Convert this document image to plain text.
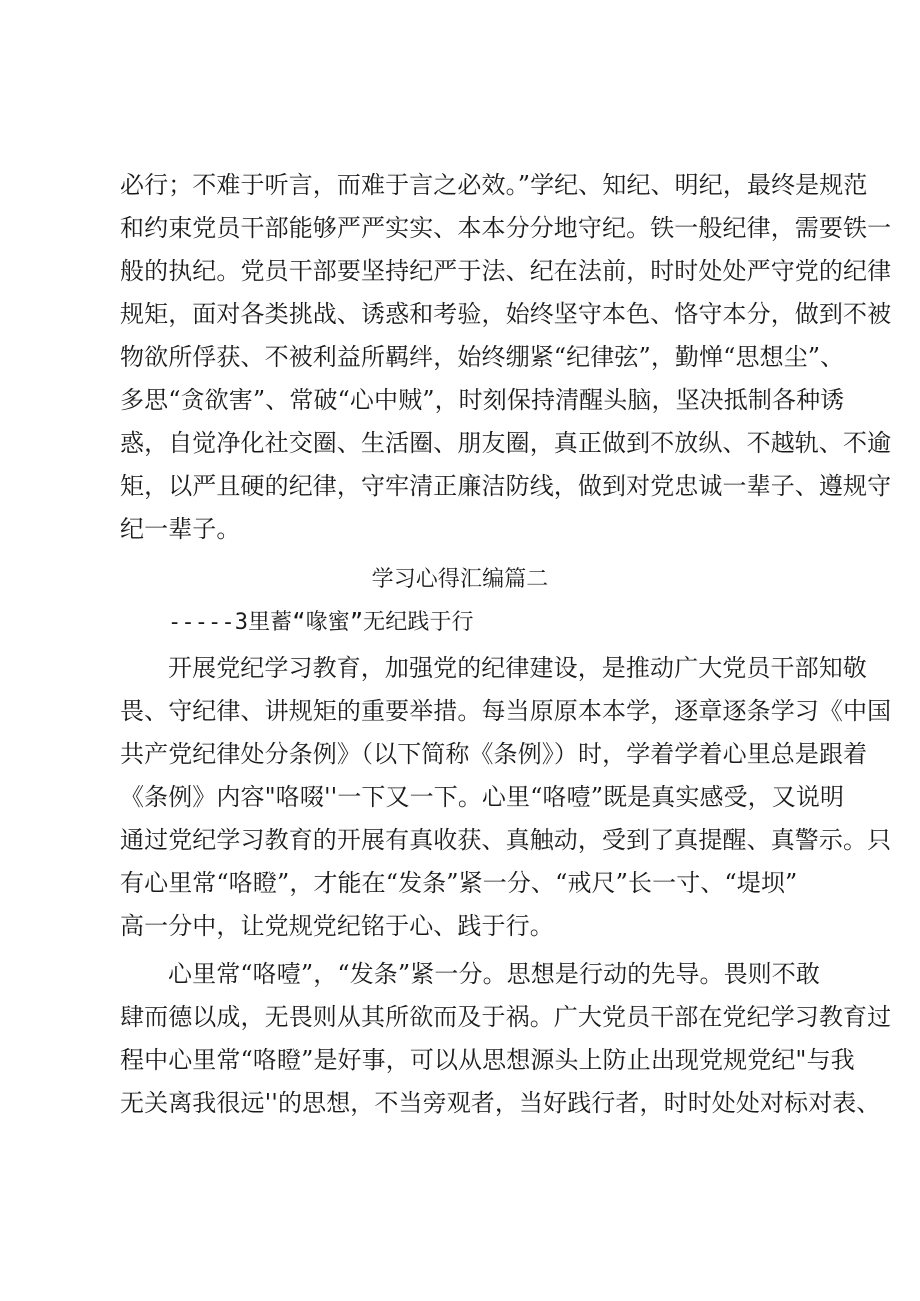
必行；不难于听言，而难于言之必效。”学纪、知纪、明纪，最终是规范
和约束党员干部能够严严实实、本本分分地守纪。铁一般纪律，需要铁一
般的执纪。党员干部要坚持纪严于法、纪在法前，时时处处严守党的纪律
规矩，面对各类挑战、诱惑和考验，始终坚守本色、恪守本分，做到不被
物欲所俘获、不被利益所羁绊，始终绷紧“纪律弦”，勤惮“思想尘”、
多思“贪欲害”、常破“心中贼”，时刻保持清醒头脑，坚决抵制各种诱
惑，自觉净化社交圈、生活圈、朋友圈，真正做到不放纵、不越轨、不逾
矩，以严且硬的纪律，守牢清正廉洁防线，做到对党忠诚一辈子、遵规守
纪一辈子。
学习心得汇编篇二
-----3里蓄“喙蜜”无纪践于行
开展党纪学习教育，加强党的纪律建设，是推动广大党员干部知敬
畏、守纪律、讲规矩的重要举措。每当原原本本学，逐章逐条学习《中国
共产党纪律处分条例》（以下简称《条例》）时，学着学着心里总是跟着
《条例》内容"咯啜''一下又一下。心里“咯噎”既是真实感受，又说明
通过党纪学习教育的开展有真收获、真触动，受到了真提醒、真警示。只
有心里常“咯瞪”，才能在“发条”紧一分、“戒尺”长一寸、“堤坝”
高一分中，让党规党纪铭于心、践于行。
心里常“咯噎”，“发条”紧一分。思想是行动的先导。畏则不敢
肆而德以成，无畏则从其所欲而及于祸。广大党员干部在党纪学习教育过
程中心里常“咯瞪”是好事，可以从思想源头上防止出现党规党纪"与我
无关离我很远''的思想，不当旁观者，当好践行者，时时处处对标对表、
